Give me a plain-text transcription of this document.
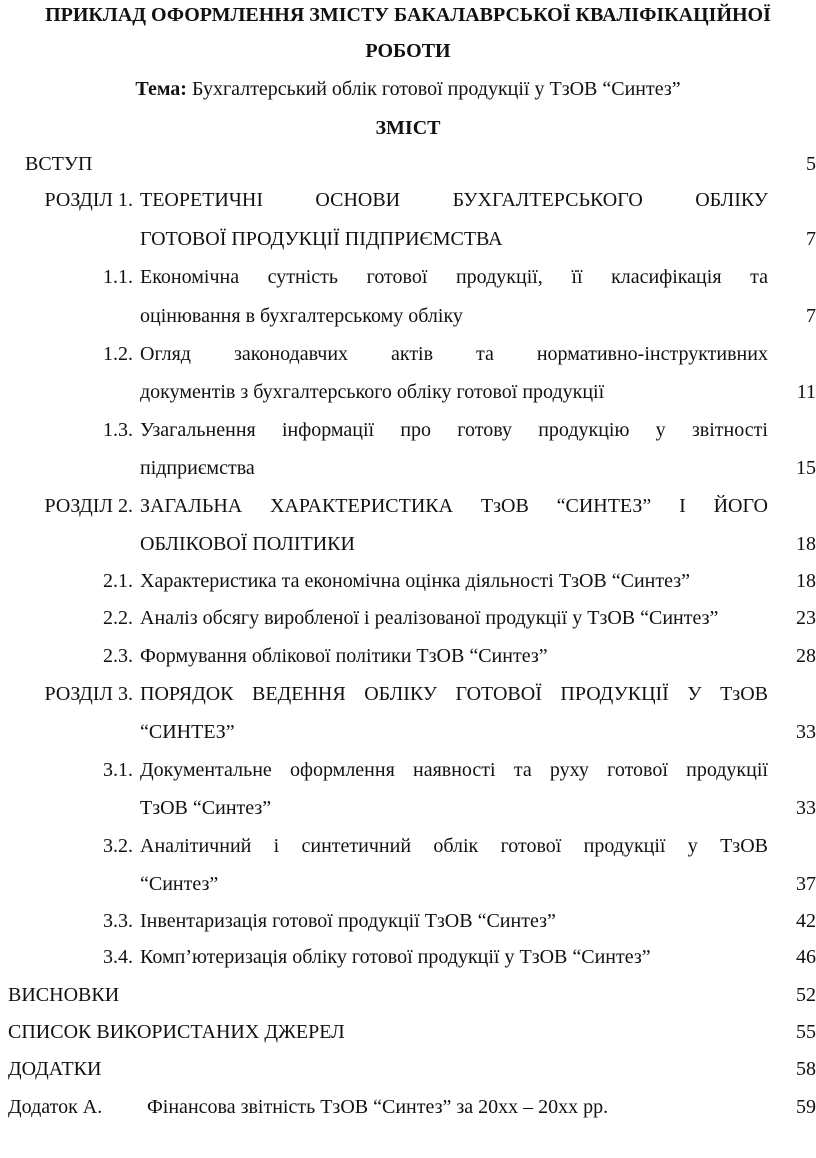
ПРИКЛАД ОФОРМЛЕННЯ ЗМІСТУ БАКАЛАВРСЬКОЇ КВАЛІФІКАЦІЙНОЇ
РОБОТИ
Тема: Бухгалтерський облік готової продукції у ТзОВ “Синтез”
ЗМІСТ
ВСТУП	5
РОЗДІЛ 1. ТЕОРЕТИЧНІ	ОСНОВИ	БУХГАЛТЕРСЬКОГО	ОБЛІКУ
ГОТОВОЇ ПРОДУКЦІЇ ПІДПРИЄМСТВА	7
1.1. Економічна сутність готової продукції, її класифікація та
оцінювання в бухгалтерському обліку	7
1.2. Огляд законодавчих актів та нормативно-інструктивних
документів з бухгалтерського обліку готової продукції	11
1.3. Узагальнення інформації про готову продукцію у звітності
підприємства	15
РОЗДІЛ 2. ЗАГАЛЬНА ХАРАКТЕРИСТИКА ТзОВ “СИНТЕЗ” І ЙОГО
ОБЛІКОВОЇ ПОЛІТИКИ	18
2.1. Характеристика та економічна оцінка діяльності ТзОВ “Синтез”	18
2.2. Аналіз обсягу виробленої і реалізованої продукції у ТзОВ “Синтез”	23
2.3. Формування облікової політики ТзОВ “Синтез”	28
РОЗДІЛ 3. ПОРЯДОК ВЕДЕННЯ ОБЛІКУ ГОТОВОЇ ПРОДУКЦІЇ У ТзОВ
“СИНТЕЗ”	33
3.1. Документальне оформлення наявності та руху готової продукції
ТзОВ “Синтез”	33
3.2. Аналітичний і синтетичний облік готової продукції у ТзОВ
“Синтез”	37
3.3. Інвентаризація готової продукції ТзОВ “Синтез”	42
3.4. Комп’ютеризація обліку готової продукції у ТзОВ “Синтез”	46
ВИСНОВКИ	52
СПИСОК ВИКОРИСТАНИХ ДЖЕРЕЛ	55
ДОДАТКИ	58
Додаток А. Фінансова звітність ТзОВ “Синтез” за 20хх – 20хх рр.	59
